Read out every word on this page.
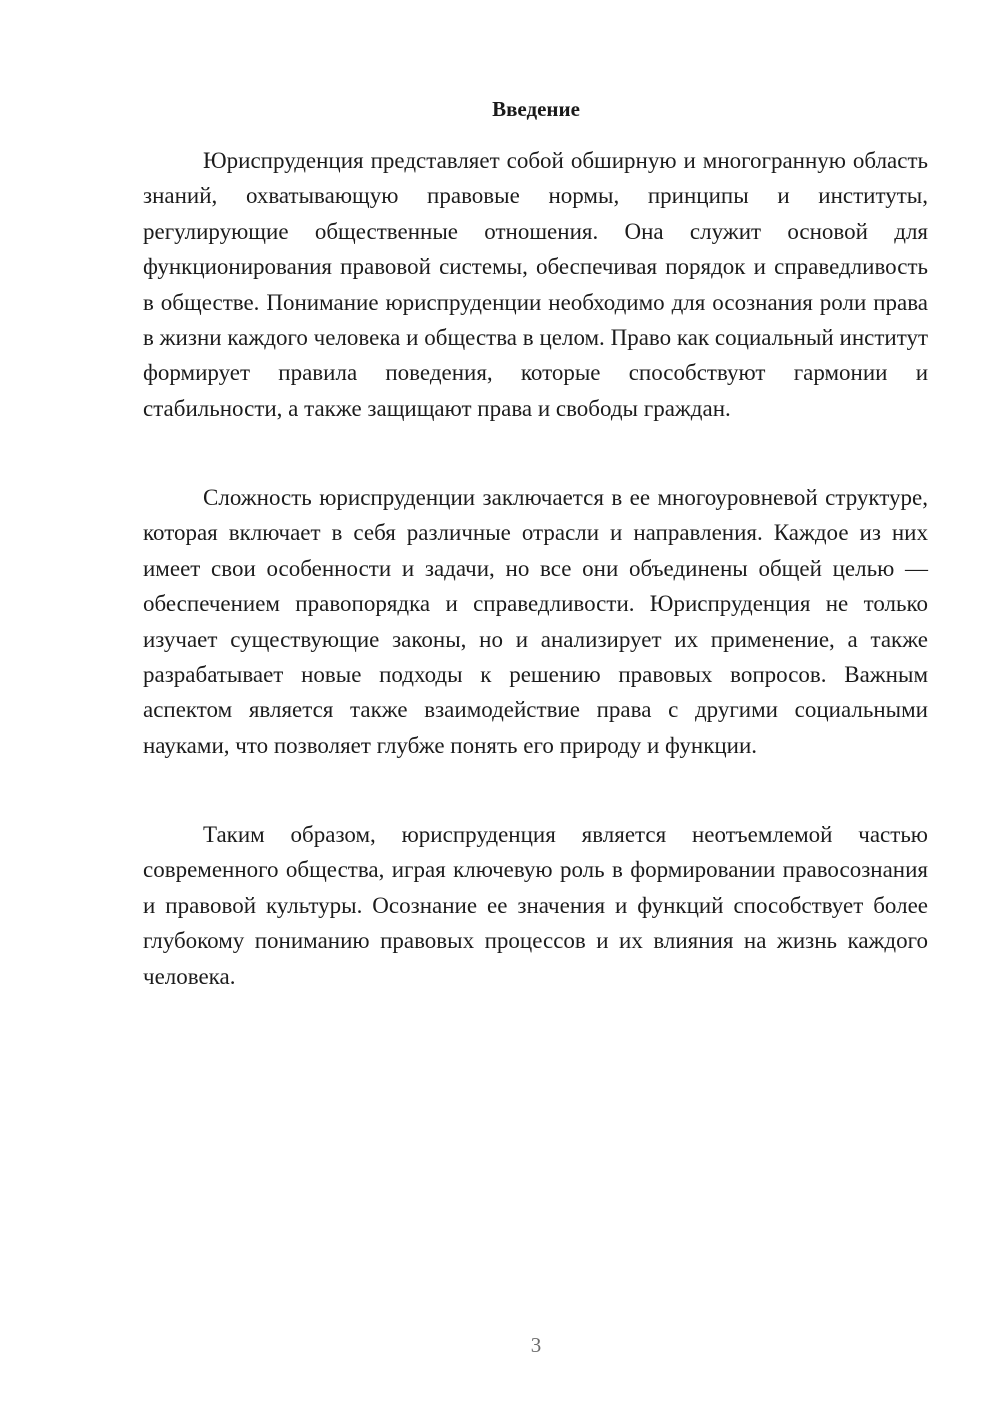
Введение

Юриспруденция представляет собой обширную и многогранную область знаний, охватывающую правовые нормы, принципы и институты, регулирующие общественные отношения. Она служит основой для функционирования правовой системы, обеспечивая порядок и справедливость в обществе. Понимание юриспруденции необходимо для осознания роли права в жизни каждого человека и общества в целом. Право как социальный институт формирует правила поведения, которые способствуют гармонии и стабильности, а также защищают права и свободы граждан.

Сложность юриспруденции заключается в ее многоуровневой структуре, которая включает в себя различные отрасли и направления. Каждое из них имеет свои особенности и задачи, но все они объединены общей целью — обеспечением правопорядка и справедливости. Юриспруденция не только изучает существующие законы, но и анализирует их применение, а также разрабатывает новые подходы к решению правовых вопросов. Важным аспектом является также взаимодействие права с другими социальными науками, что позволяет глубже понять его природу и функции.

Таким образом, юриспруденция является неотъемлемой частью современного общества, играя ключевую роль в формировании правосознания и правовой культуры. Осознание ее значения и функций способствует более глубокому пониманию правовых процессов и их влияния на жизнь каждого человека.

3
